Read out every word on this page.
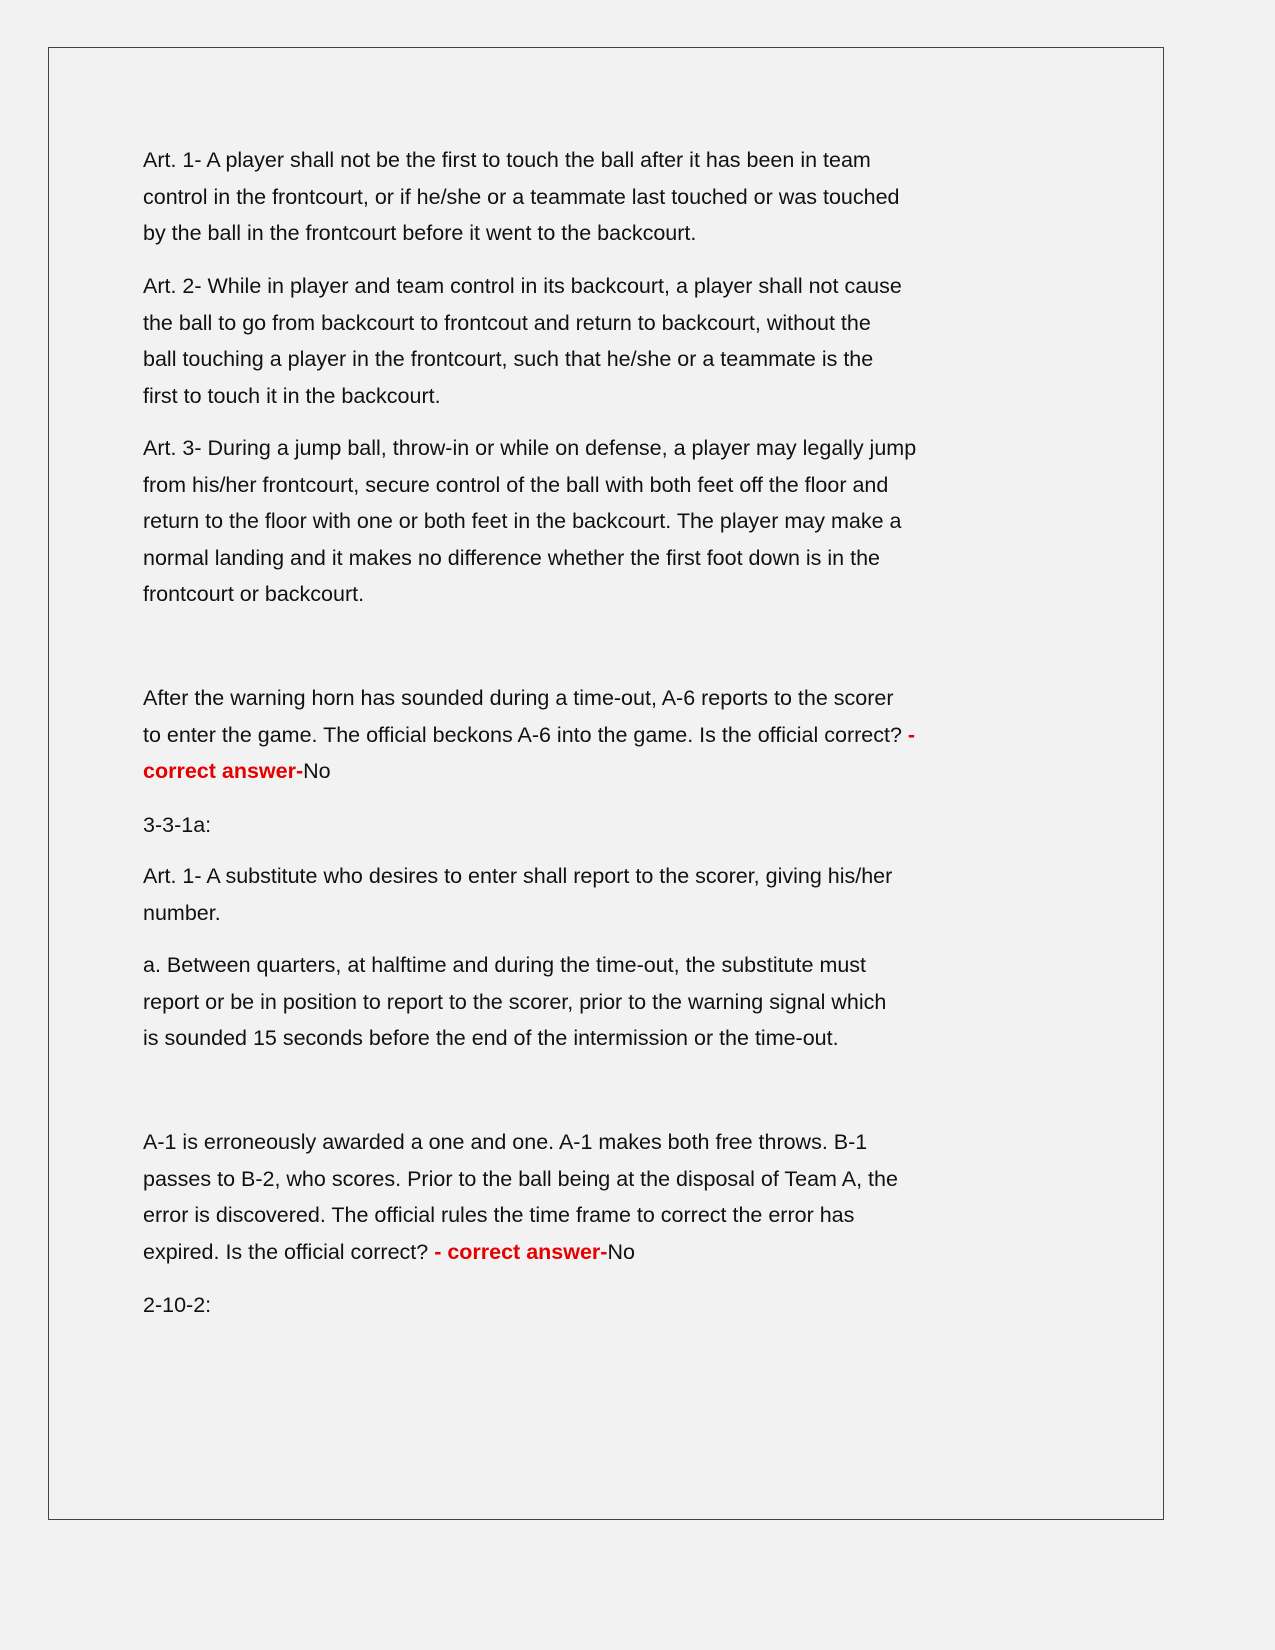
Art. 1- A player shall not be the first to touch the ball after it has been in team
control in the frontcourt, or if he/she or a teammate last touched or was touched
by the ball in the frontcourt before it went to the backcourt.
Art. 2- While in player and team control in its backcourt, a player shall not cause
the ball to go from backcourt to frontcout and return to backcourt, without the
ball touching a player in the frontcourt, such that he/she or a teammate is the
first to touch it in the backcourt.
Art. 3- During a jump ball, throw-in or while on defense, a player may legally jump
from his/her frontcourt, secure control of the ball with both feet off the floor and
return to the floor with one or both feet in the backcourt. The player may make a
normal landing and it makes no difference whether the first foot down is in the
frontcourt or backcourt.
After the warning horn has sounded during a time-out, A-6 reports to the scorer
to enter the game. The official beckons A-6 into the game. Is the official correct? -
correct answer-No
3-3-1a:
Art. 1- A substitute who desires to enter shall report to the scorer, giving his/her
number.
a. Between quarters, at halftime and during the time-out, the substitute must
report or be in position to report to the scorer, prior to the warning signal which
is sounded 15 seconds before the end of the intermission or the time-out.
A-1 is erroneously awarded a one and one. A-1 makes both free throws. B-1
passes to B-2, who scores. Prior to the ball being at the disposal of Team A, the
error is discovered. The official rules the time frame to correct the error has
expired. Is the official correct? - correct answer-No
2-10-2:
